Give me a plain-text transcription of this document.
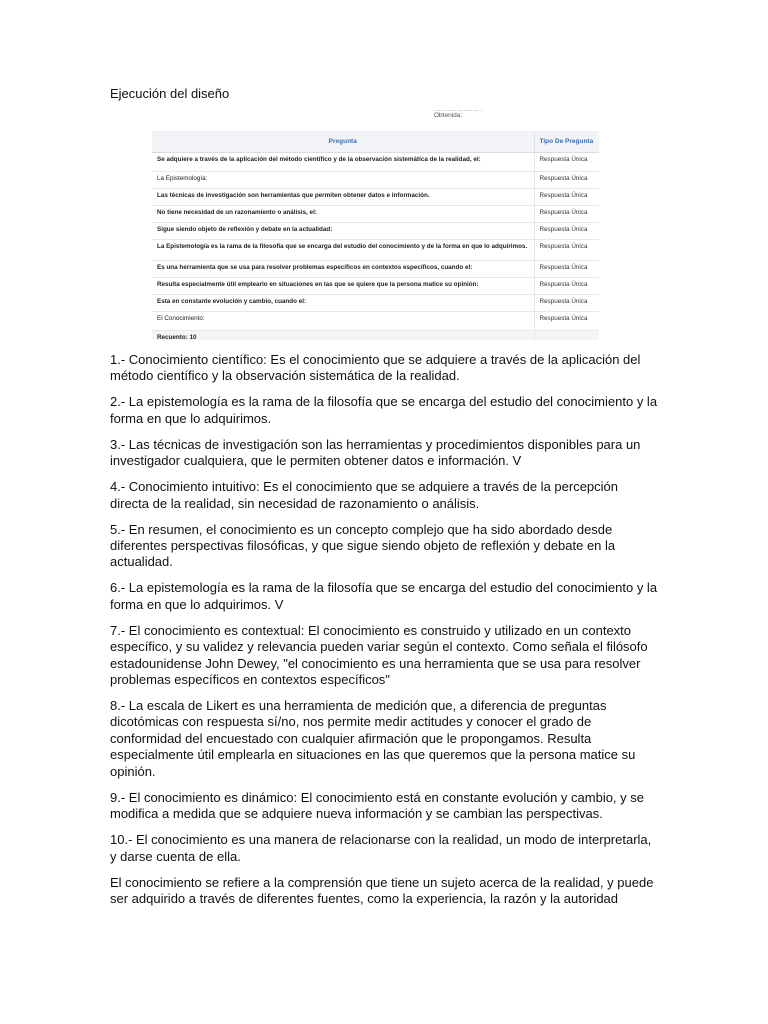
Ejecución del diseño
·········· ·········· ·
Obtenida:
Pregunta	Tipo De Pregunta
Se adquiere a través de la aplicación del método científico y de la observación sistemática de la realidad, el:	Respuesta Única
La Epistemología:	Respuesta Única
Las técnicas de investigación son herramientas que permiten obtener datos e información.	Respuesta Única
No tiene necesidad de un razonamiento o análisis, el:	Respuesta Única
Sigue siendo objeto de reflexión y debate en la actualidad:	Respuesta Única
La Epistemología es la rama de la filosofía que se encarga del estudio del conocimiento y de la forma en que lo adquirimos.	Respuesta Única
Es una herramienta que se usa para resolver problemas específicos en contextos específicos, cuando el:	Respuesta Única
Resulta especialmente útil emplearlo en situaciones en las que se quiere que la persona matice su opinión:	Respuesta Única
Esta en constante evolución y cambio, cuando el:	Respuesta Única
El Conocimiento:	Respuesta Única
Recuento: 10	

1.- Conocimiento científico: Es el conocimiento que se adquiere a través de la aplicación del método científico y la observación sistemática de la realidad.

2.- La epistemología es la rama de la filosofía que se encarga del estudio del conocimiento y la forma en que lo adquirimos.

3.- Las técnicas de investigación son las herramientas y procedimientos disponibles para un investigador cualquiera, que le permiten obtener datos e información. V

4.- Conocimiento intuitivo: Es el conocimiento que se adquiere a través de la percepción directa de la realidad, sin necesidad de razonamiento o análisis.

5.- En resumen, el conocimiento es un concepto complejo que ha sido abordado desde diferentes perspectivas filosóficas, y que sigue siendo objeto de reflexión y debate en la actualidad.

6.- La epistemología es la rama de la filosofía que se encarga del estudio del conocimiento y la forma en que lo adquirimos. V

7.- El conocimiento es contextual: El conocimiento es construido y utilizado en un contexto específico, y su validez y relevancia pueden variar según el contexto. Como señala el filósofo estadounidense John Dewey, "el conocimiento es una herramienta que se usa para resolver problemas específicos en contextos específicos"

8.- La escala de Likert es una herramienta de medición que, a diferencia de preguntas dicotómicas con respuesta sí/no, nos permite medir actitudes y conocer el grado de conformidad del encuestado con cualquier afirmación que le propongamos. Resulta especialmente útil emplearla en situaciones en las que queremos que la persona matice su opinión.

9.- El conocimiento es dinámico: El conocimiento está en constante evolución y cambio, y se modifica a medida que se adquiere nueva información y se cambian las perspectivas.

10.- El conocimiento es una manera de relacionarse con la realidad, un modo de interpretarla, y darse cuenta de ella.

El conocimiento se refiere a la comprensión que tiene un sujeto acerca de la realidad, y puede ser adquirido a través de diferentes fuentes, como la experiencia, la razón y la autoridad
